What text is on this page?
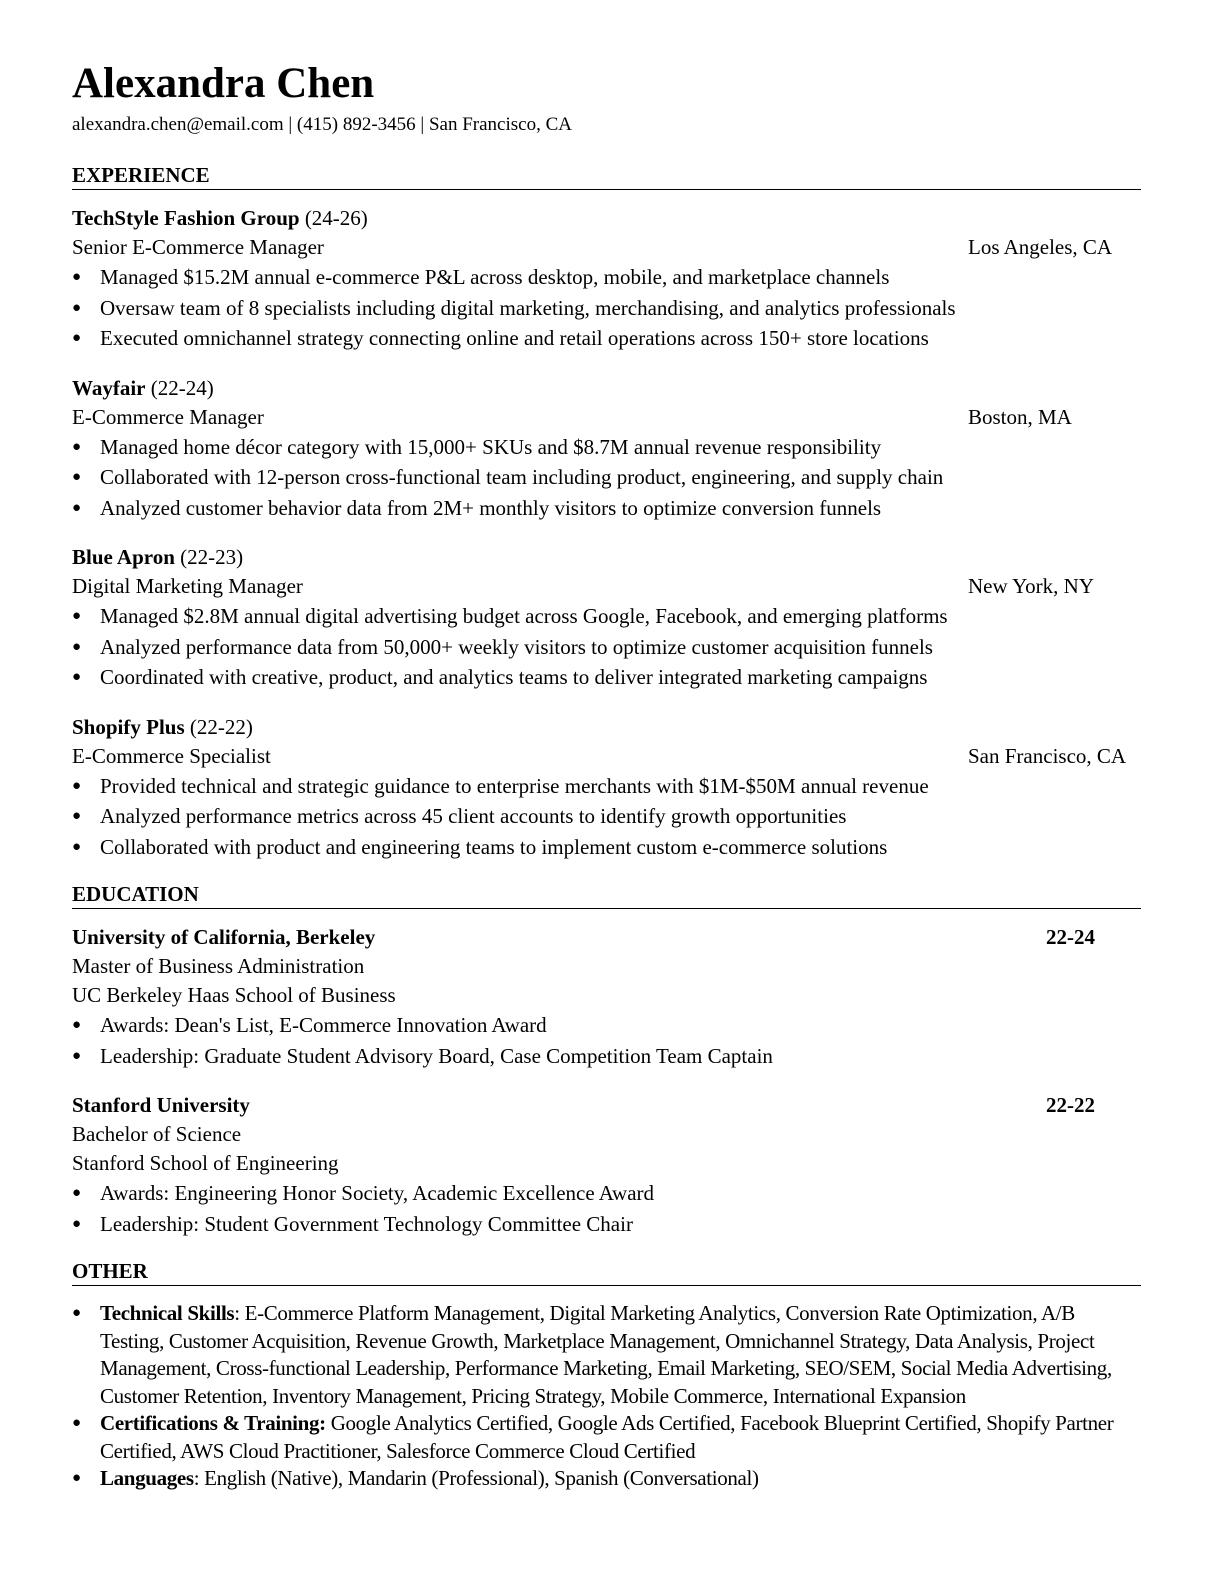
Alexandra Chen
alexandra.chen@email.com | (415) 892-3456 | San Francisco, CA
EXPERIENCE
TechStyle Fashion Group (24-26)
Senior E-Commerce Manager	Los Angeles, CA
● Managed $15.2M annual e-commerce P&L across desktop, mobile, and marketplace channels
● Oversaw team of 8 specialists including digital marketing, merchandising, and analytics professionals
● Executed omnichannel strategy connecting online and retail operations across 150+ store locations
Wayfair (22-24)
E-Commerce Manager	Boston, MA
● Managed home décor category with 15,000+ SKUs and $8.7M annual revenue responsibility
● Collaborated with 12-person cross-functional team including product, engineering, and supply chain
● Analyzed customer behavior data from 2M+ monthly visitors to optimize conversion funnels
Blue Apron (22-23)
Digital Marketing Manager	New York, NY
● Managed $2.8M annual digital advertising budget across Google, Facebook, and emerging platforms
● Analyzed performance data from 50,000+ weekly visitors to optimize customer acquisition funnels
● Coordinated with creative, product, and analytics teams to deliver integrated marketing campaigns
Shopify Plus (22-22)
E-Commerce Specialist	San Francisco, CA
● Provided technical and strategic guidance to enterprise merchants with $1M-$50M annual revenue
● Analyzed performance metrics across 45 client accounts to identify growth opportunities
● Collaborated with product and engineering teams to implement custom e-commerce solutions
EDUCATION
University of California, Berkeley	22-24
Master of Business Administration
UC Berkeley Haas School of Business
● Awards: Dean's List, E-Commerce Innovation Award
● Leadership: Graduate Student Advisory Board, Case Competition Team Captain
Stanford University	22-22
Bachelor of Science
Stanford School of Engineering
● Awards: Engineering Honor Society, Academic Excellence Award
● Leadership: Student Government Technology Committee Chair
OTHER
● Technical Skills: E-Commerce Platform Management, Digital Marketing Analytics, Conversion Rate Optimization, A/B Testing, Customer Acquisition, Revenue Growth, Marketplace Management, Omnichannel Strategy, Data Analysis, Project Management, Cross-functional Leadership, Performance Marketing, Email Marketing, SEO/SEM, Social Media Advertising, Customer Retention, Inventory Management, Pricing Strategy, Mobile Commerce, International Expansion
● Certifications & Training: Google Analytics Certified, Google Ads Certified, Facebook Blueprint Certified, Shopify Partner Certified, AWS Cloud Practitioner, Salesforce Commerce Cloud Certified
● Languages: English (Native), Mandarin (Professional), Spanish (Conversational)
